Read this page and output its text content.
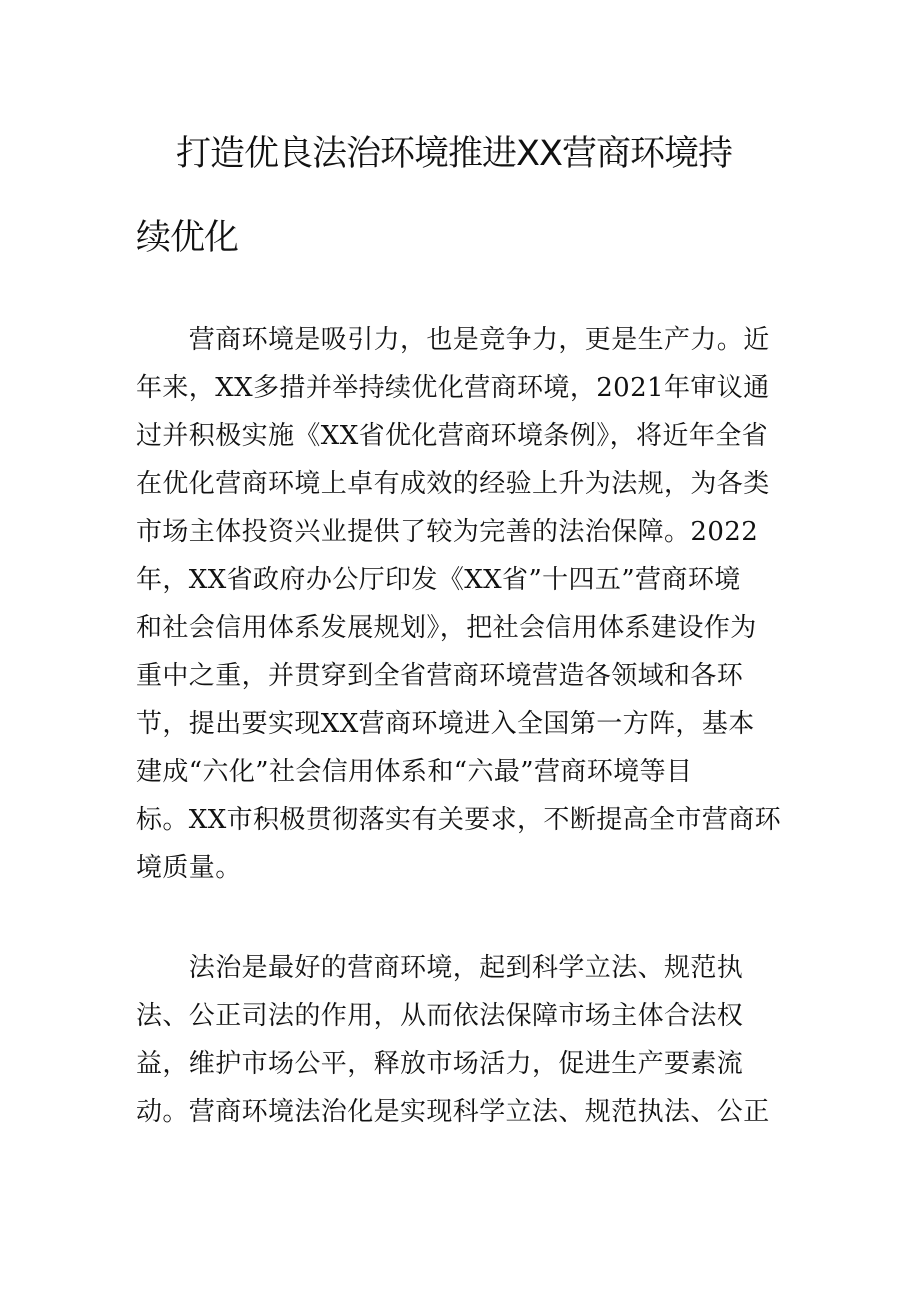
打造优良法治环境推进XX营商环境持
续优化
　　营商环境是吸引力，也是竞争力，更是生产力。近
年来，XX多措并举持续优化营商环境，2021年审议通
过并积极实施《XX省优化营商环境条例》，将近年全省
在优化营商环境上卓有成效的经验上升为法规，为各类
市场主体投资兴业提供了较为完善的法治保障。2022
年，XX省政府办公厅印发《XX省”十四五”营商环境
和社会信用体系发展规划》，把社会信用体系建设作为
重中之重，并贯穿到全省营商环境营造各领域和各环
节，提出要实现XX营商环境进入全国第一方阵，基本
建成“六化”社会信用体系和“六最”营商环境等目
标。XX市积极贯彻落实有关要求，不断提高全市营商环
境质量。
　　法治是最好的营商环境，起到科学立法、规范执
法、公正司法的作用，从而依法保障市场主体合法权
益，维护市场公平，释放市场活力，促进生产要素流
动。营商环境法治化是实现科学立法、规范执法、公正
